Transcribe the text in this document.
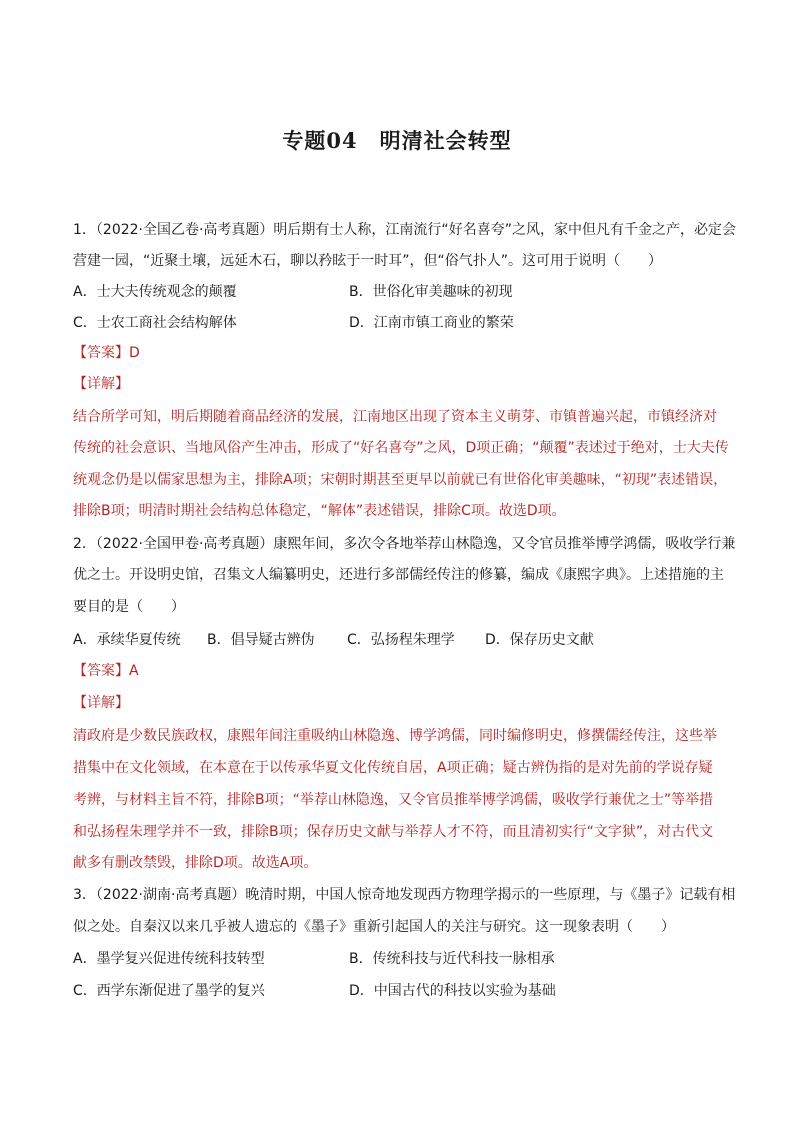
专题04　明清社会转型
1．（2022·全国乙卷·高考真题）明后期有士人称，江南流行“好名喜夸”之风，家中但凡有千金之产，必定会
营建一园，“近聚土壤，远延木石，聊以矜眩于一时耳”，但“俗气扑人”。这可用于说明（　　）
A．士大夫传统观念的颠覆	B．世俗化审美趣味的初现
C．士农工商社会结构解体	D．江南市镇工商业的繁荣
【答案】D
【详解】
结合所学可知，明后期随着商品经济的发展，江南地区出现了资本主义萌芽、市镇普遍兴起，市镇经济对
传统的社会意识、当地风俗产生冲击，形成了“好名喜夸”之风，D项正确；“颠覆”表述过于绝对，士大夫传
统观念仍是以儒家思想为主，排除A项；宋朝时期甚至更早以前就已有世俗化审美趣味，“初现”表述错误，
排除B项；明清时期社会结构总体稳定，“解体”表述错误，排除C项。故选D项。
2．（2022·全国甲卷·高考真题）康熙年间，多次令各地举荐山林隐逸，又令官员推举博学鸿儒，吸收学行兼
优之士。开设明史馆，召集文人编纂明史，还进行多部儒经传注的修纂，编成《康熙字典》。上述措施的主
要目的是（　　）
A．承续华夏传统 B．倡导疑古辨伪 C．弘扬程朱理学 D．保存历史文献
【答案】A
【详解】
清政府是少数民族政权，康熙年间注重吸纳山林隐逸、博学鸿儒，同时编修明史，修撰儒经传注，这些举
措集中在文化领域，在本意在于以传承华夏文化传统自居，A项正确；疑古辨伪指的是对先前的学说存疑
考辨，与材料主旨不符，排除B项；“举荐山林隐逸，又令官员推举博学鸿儒，吸收学行兼优之士”等举措
和弘扬程朱理学并不一致，排除B项；保存历史文献与举荐人才不符，而且清初实行“文字狱”，对古代文
献多有删改禁毁，排除D项。故选A项。
3．（2022·湖南·高考真题）晚清时期，中国人惊奇地发现西方物理学揭示的一些原理，与《墨子》记载有相
似之处。自秦汉以来几乎被人遗忘的《墨子》重新引起国人的关注与研究。这一现象表明（　　）
A．墨学复兴促进传统科技转型	B．传统科技与近代科技一脉相承
C．西学东渐促进了墨学的复兴	D．中国古代的科技以实验为基础
